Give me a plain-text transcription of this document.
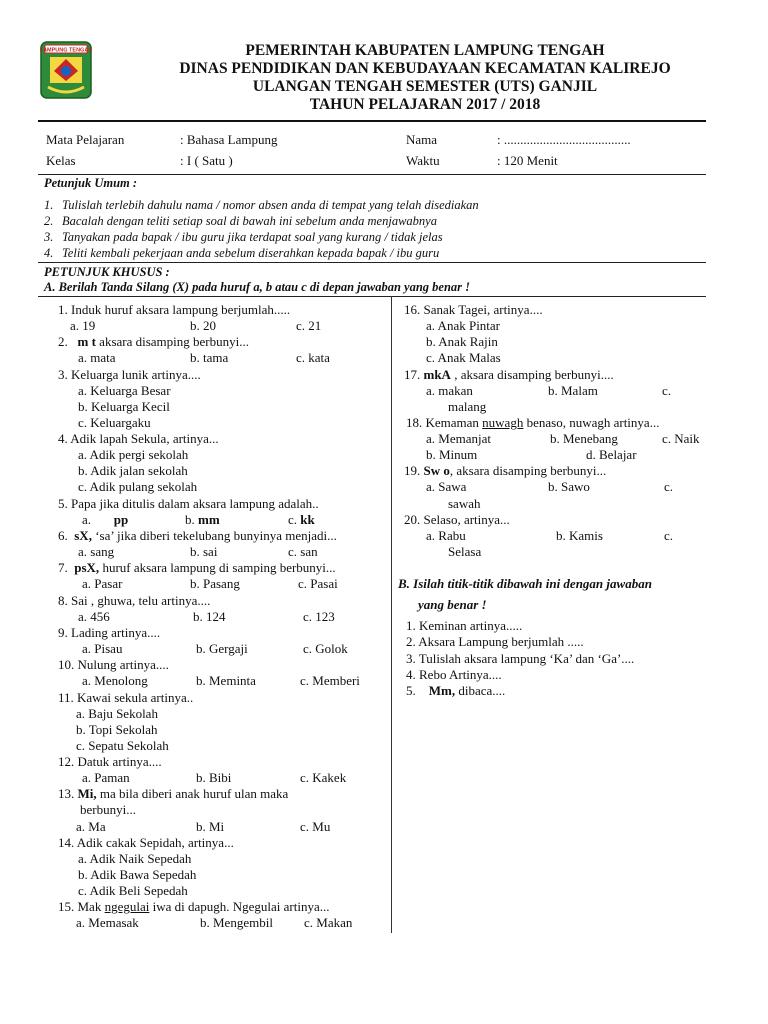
LAMPUNG TENGAH	PEMERINTAH KABUPATEN LAMPUNG TENGAH
DINAS PENDIDIKAN DAN KEBUDAYAAN KECAMATAN KALIREJO
ULANGAN TENGAH SEMESTER (UTS) GANJIL
TAHUN PELAJARAN 2017 / 2018
Mata Pelajaran	: Bahasa Lampung	Nama	: .......................................
Kelas	: I ( Satu )	Waktu	: 120 Menit
Petunjuk Umum :
1. Tulislah terlebih dahulu nama / nomor absen anda di tempat yang telah disediakan
2. Bacalah dengan teliti setiap soal di bawah ini sebelum anda menjawabnya
3. Tanyakan pada bapak / ibu guru jika terdapat soal yang kurang / tidak jelas
4. Teliti kembali pekerjaan anda sebelum diserahkan kepada bapak / ibu guru
PETUNJUK KHUSUS :
A. Berilah Tanda Silang (X) pada huruf a, b atau c di depan jawaban yang benar !
1. Induk huruf aksara lampung berjumlah.....
a. 19	b. 20	c. 21
2. m t aksara disamping berbunyi...
a. mata	b. tama	c. kata
3. Keluarga lunik artinya....
a. Keluarga Besar
b. Keluarga Kecil
c. Keluargaku
4. Adik lapah Sekula, artinya...
a. Adik pergi sekolah
b. Adik jalan sekolah
c. Adik pulang sekolah
5. Papa jika ditulis dalam aksara lampung adalah..
a. pp	b. mm	c. kk
6. sX, ‘sa’ jika diberi tekelubang bunyinya menjadi...
a. sang	b. sai	c. san
7. psX, huruf aksara lampung di samping berbunyi...
a. Pasar	b. Pasang	c. Pasai
8. Sai , ghuwa, telu artinya....
a. 456	b. 124	c. 123
9. Lading artinya....
a. Pisau	b. Gergaji	c. Golok
10. Nulung artinya....
a. Menolong	b. Meminta	c. Memberi
11. Kawai sekula artinya..
a. Baju Sekolah
b. Topi Sekolah
c. Sepatu Sekolah
12. Datuk artinya....
a. Paman	b. Bibi	c. Kakek
13. Mi, ma bila diberi anak huruf ulan maka
berbunyi...
a. Ma	b. Mi	c. Mu
14. Adik cakak Sepidah, artinya...
a. Adik Naik Sepedah
b. Adik Bawa Sepedah
c. Adik Beli Sepedah
15. Mak ngegulai iwa di dapugh. Ngegulai artinya...
a. Memasak	b. Mengembil c. Makan
16. Sanak Tagei, artinya....
a. Anak Pintar
b. Anak Rajin
c. Anak Malas
17. mkA , aksara disamping berbunyi....
a. makan	b. Malam	c.
malang
18. Kemaman nuwagh benaso, nuwagh artinya...
a. Memanjat	b. Menebang	c. Naik
b. Minum	d. Belajar
19. Sw o, aksara disamping berbunyi...
a. Sawa	b. Sawo	c.
sawah
20. Selaso, artinya...
a. Rabu	b. Kamis	c.
Selasa
B. Isilah titik-titik dibawah ini dengan jawaban
yang benar !
1. Keminan artinya.....
2. Aksara Lampung berjumlah .....
3. Tulislah aksara lampung ‘Ka’ dan ‘Ga’....
4. Rebo Artinya....
5. Mm, dibaca....
